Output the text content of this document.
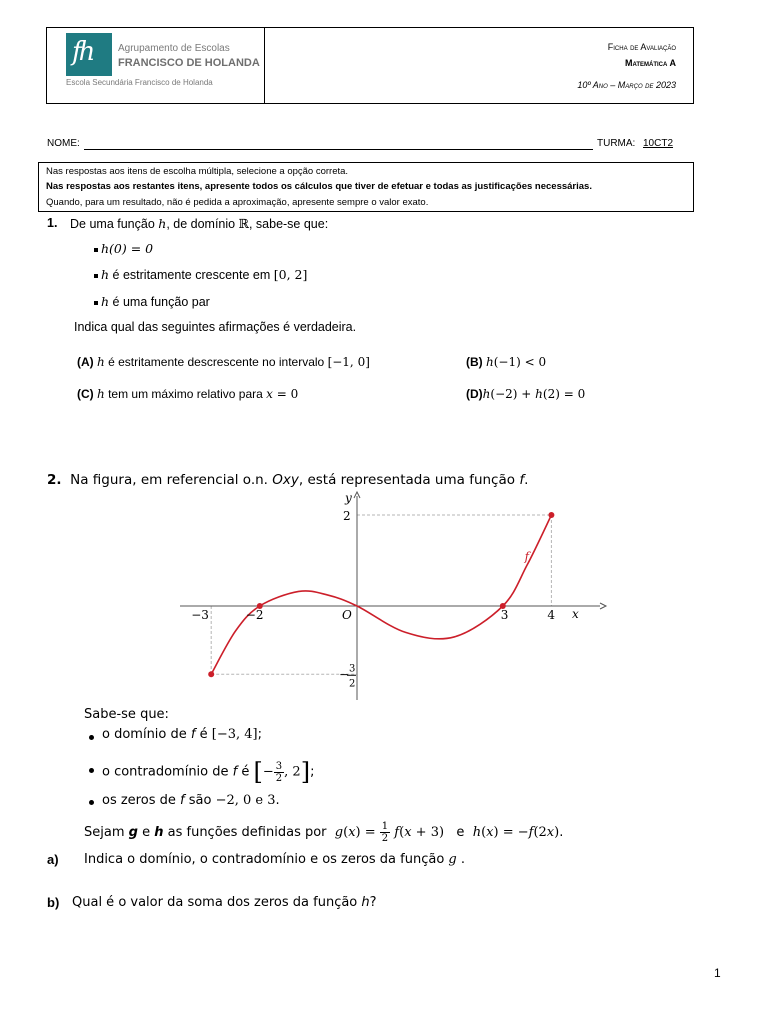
fh	Agrupamento de Escolas
FRANCISCO DE HOLANDA
Escola Secundária Francisco de Holanda
Ficha de Avaliação
Matemática A
10º Ano – Março de 2023
NOME:	TURMA: 10CT2
Nas respostas aos itens de escolha múltipla, selecione a opção correta.
Nas respostas aos restantes itens, apresente todos os cálculos que tiver de efetuar e todas as justificações necessárias.
Quando, para um resultado, não é pedida a aproximação, apresente sempre o valor exato.
1. De uma função h, de domínio ℝ, sabe-se que:
h(0) = 0
h é estritamente crescente em [0, 2]
h é uma função par
Indica qual das seguintes afirmações é verdadeira.
(A) h é estritamente descrescente no intervalo [−1, 0]	(B) h(−1) < 0
(C) h tem um máximo relativo para x = 0	(D)h(−2) + h(2) = 0
2. Na figura, em referencial o.n. Oxy, está representada uma função f.
−3	−2	3	4
2
− 3
2
O	x
y
f
Sabe-se que:
o domínio de f é [−3, 4];
o contradomínio de f é [− $\frac{3}{2}$ , 2];
os zeros de f são −2, 0 e 3.
Sejam g e h as funções definidas por $g(x) = \frac{1}{2} f(x + 3)$   e  h(x) = −f(2x).
a) Indica o domínio, o contradomínio e os zeros da função g .
b) Qual é o valor da soma dos zeros da função h?
1
